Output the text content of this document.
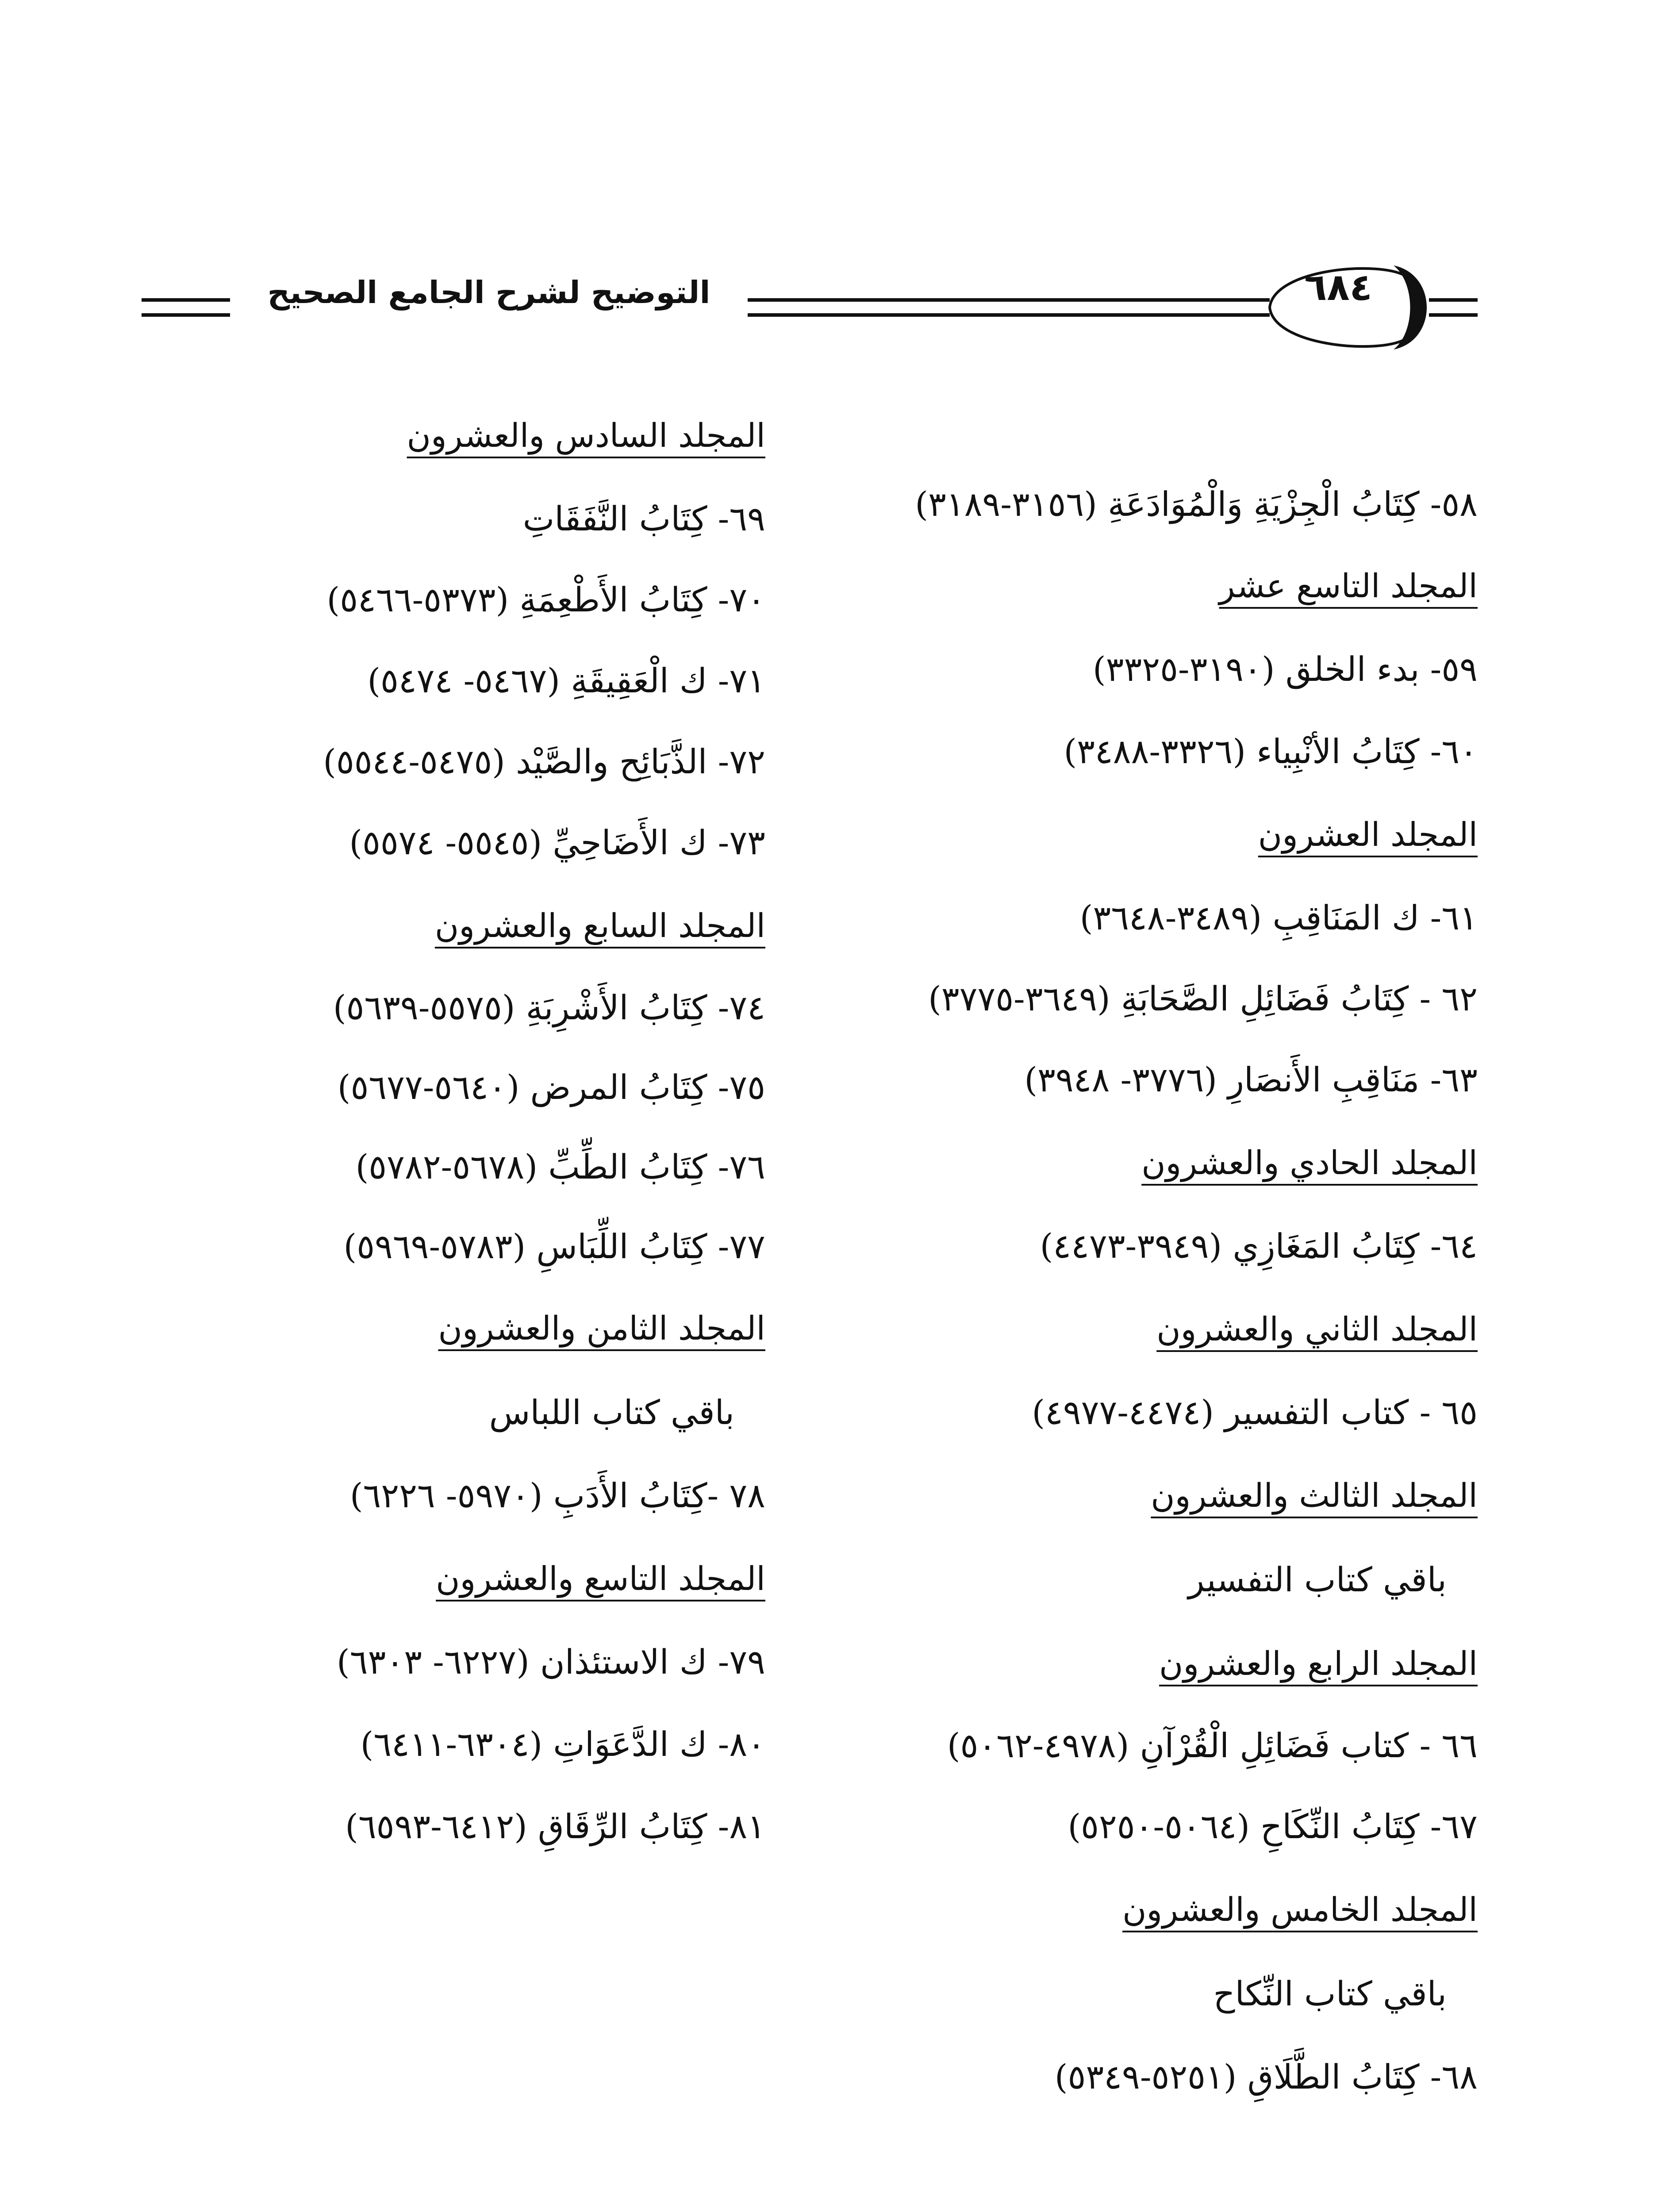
التوضيح لشرح الجامع الصحيح	٦٨٤

٥٨- كِتَابُ الْجِزْيَةِ وَالْمُوَادَعَةِ (٣١٥٦-٣١٨٩)

المجلد التاسع عشر

٥٩- بدء الخلق (٣١٩٠-٣٣٢٥)

٦٠- كِتَابُ الأنْبِياء (٣٣٢٦-٣٤٨٨)

المجلد العشرون

٦١- ك المَنَاقِبِ (٣٤٨٩-٣٦٤٨)

٦٢ - كِتَابُ فَضَائِلِ الصَّحَابَةِ (٣٦٤٩-٣٧٧٥)

٦٣- مَنَاقِبِ الأَنصَارِ (٣٧٧٦- ٣٩٤٨)

المجلد الحادي والعشرون

٦٤- كِتَابُ المَغَازِي (٣٩٤٩-٤٤٧٣)

المجلد الثاني والعشرون

٦٥ - كتاب التفسير (٤٤٧٤-٤٩٧٧)

المجلد الثالث والعشرون

باقي كتاب التفسير

المجلد الرابع والعشرون

٦٦ - كتاب فَضَائِلِ الْقُرْآنِ (٤٩٧٨-٥٠٦٢)

٦٧- كِتَابُ النِّكَاحِ (٥٠٦٤-٥٢٥٠)

المجلد الخامس والعشرون

باقي كتاب النِّكاح

٦٨- كِتَابُ الطَّلَاقِ (٥٢٥١-٥٣٤٩)

المجلد السادس والعشرون

٦٩- كِتَابُ النَّفَقَاتِ

٧٠- كِتَابُ الأَطْعِمَةِ (٥٣٧٣-٥٤٦٦)

٧١- ك الْعَقِيقَةِ (٥٤٦٧- ٥٤٧٤)

٧٢- الذَّبَائِح والصَّيْد (٥٤٧٥-٥٥٤٤)

٧٣- ك الأَضَاحِيِّ (٥٥٤٥- ٥٥٧٤)

المجلد السابع والعشرون

٧٤- كِتَابُ الأَشْرِبَةِ (٥٥٧٥-٥٦٣٩)

٧٥- كِتَابُ المرض (٥٦٤٠-٥٦٧٧)

٧٦- كِتَابُ الطِّبِّ (٥٦٧٨-٥٧٨٢)

٧٧- كِتَابُ اللِّبَاسِ (٥٧٨٣-٥٩٦٩)

المجلد الثامن والعشرون

باقي كتاب اللباس

٧٨ -كِتَابُ الأَدَبِ (٥٩٧٠- ٦٢٢٦)

المجلد التاسع والعشرون

٧٩- ك الاستئذان (٦٢٢٧- ٦٣٠٣)

٨٠- ك الدَّعَوَاتِ (٦٣٠٤-٦٤١١)

٨١- كِتَابُ الرِّقَاقِ (٦٤١٢-٦٥٩٣)
